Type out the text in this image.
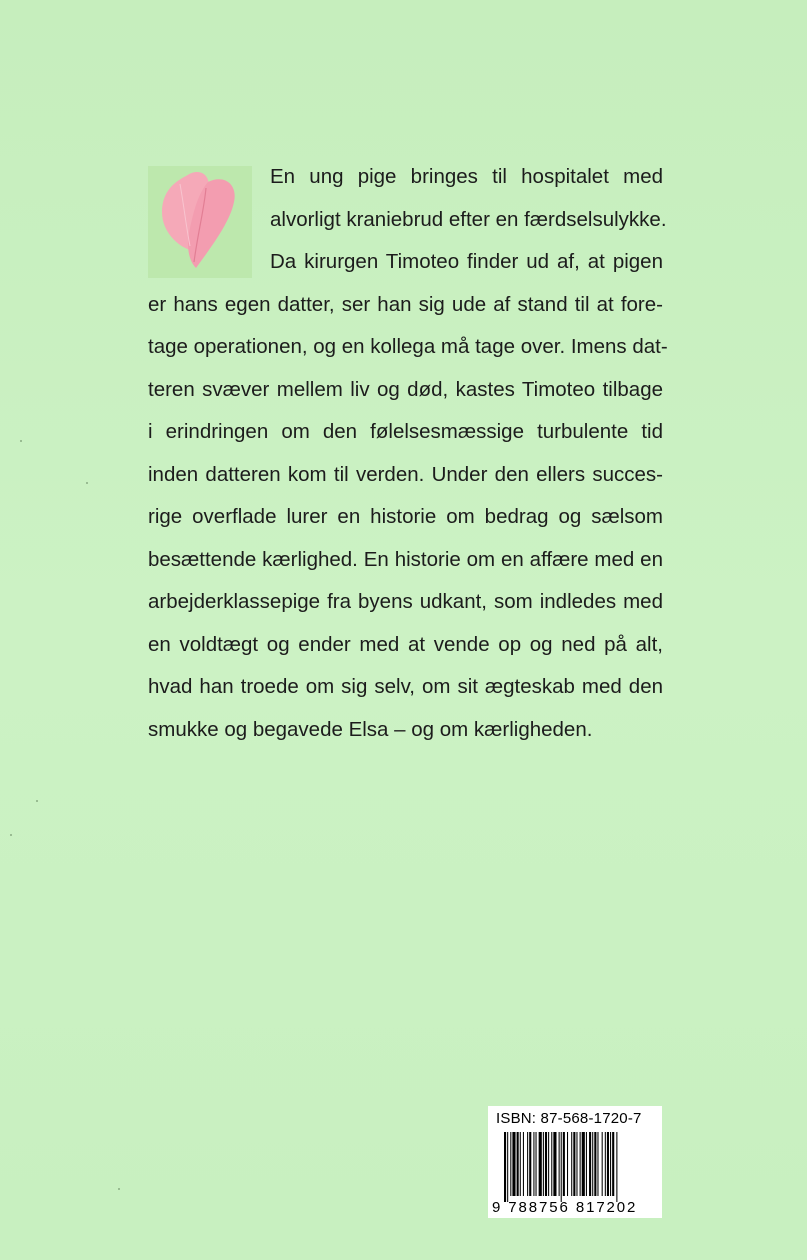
En ung pige bringes til hospitalet med
alvorligt kraniebrud efter en færdselsulykke.
Da kirurgen Timoteo finder ud af, at pigen
er hans egen datter, ser han sig ude af stand til at fore-
tage operationen, og en kollega må tage over. Imens dat-
teren svæver mellem liv og død, kastes Timoteo tilbage
i erindringen om den følelsesmæssige turbulente tid
inden datteren kom til verden. Under den ellers succes-
rige overflade lurer en historie om bedrag og sælsom
besættende kærlighed. En historie om en affære med en
arbejderklassepige fra byens udkant, som indledes med
en voldtægt og ender med at vende op og ned på alt,
hvad han troede om sig selv, om sit ægteskab med den
smukke og begavede Elsa – og om kærligheden.
ISBN: 87-568-1720-7
9 788756 817202
